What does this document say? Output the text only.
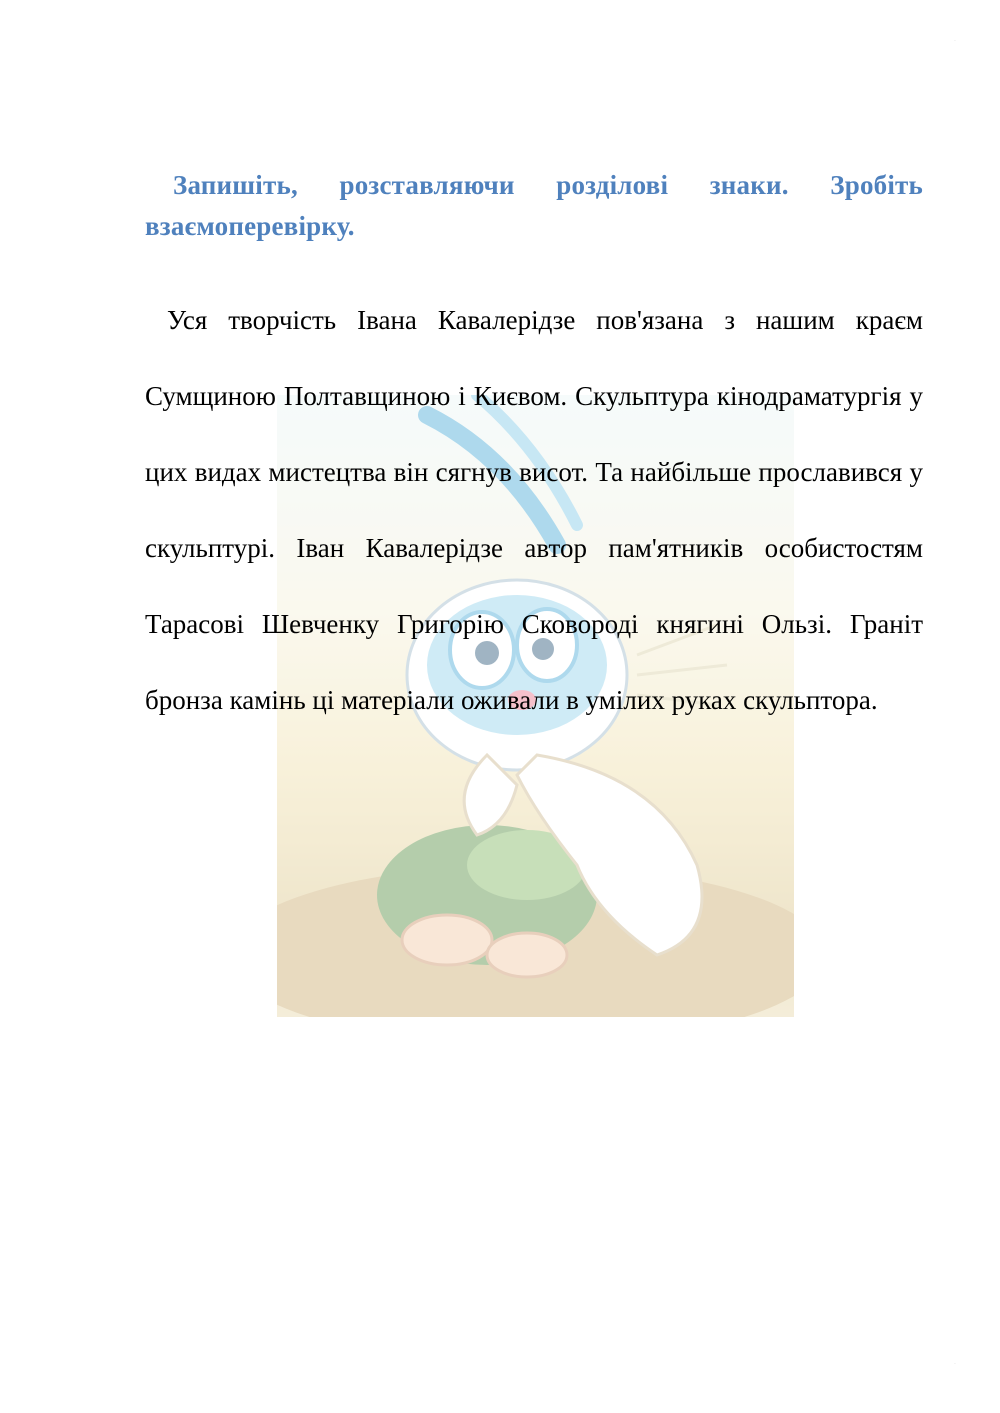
Запишіть, розставляючи розділові знаки. Зробіть взаємоперевірку.

Уся творчість Івана Кавалерідзе пов'язана з нашим краєм Сумщиною Полтавщиною і Києвом. Скульптура кінодраматургія у цих видах мистецтва він сягнув висот. Та найбільше прославився у скульптурі. Іван Кавалерідзе автор пам'ятників особистостям Тарасові Шевченку Григорію Сковороді княгині Ользі. Граніт бронза камінь ці матеріали оживали в умілих руках скульптора.

·
·
